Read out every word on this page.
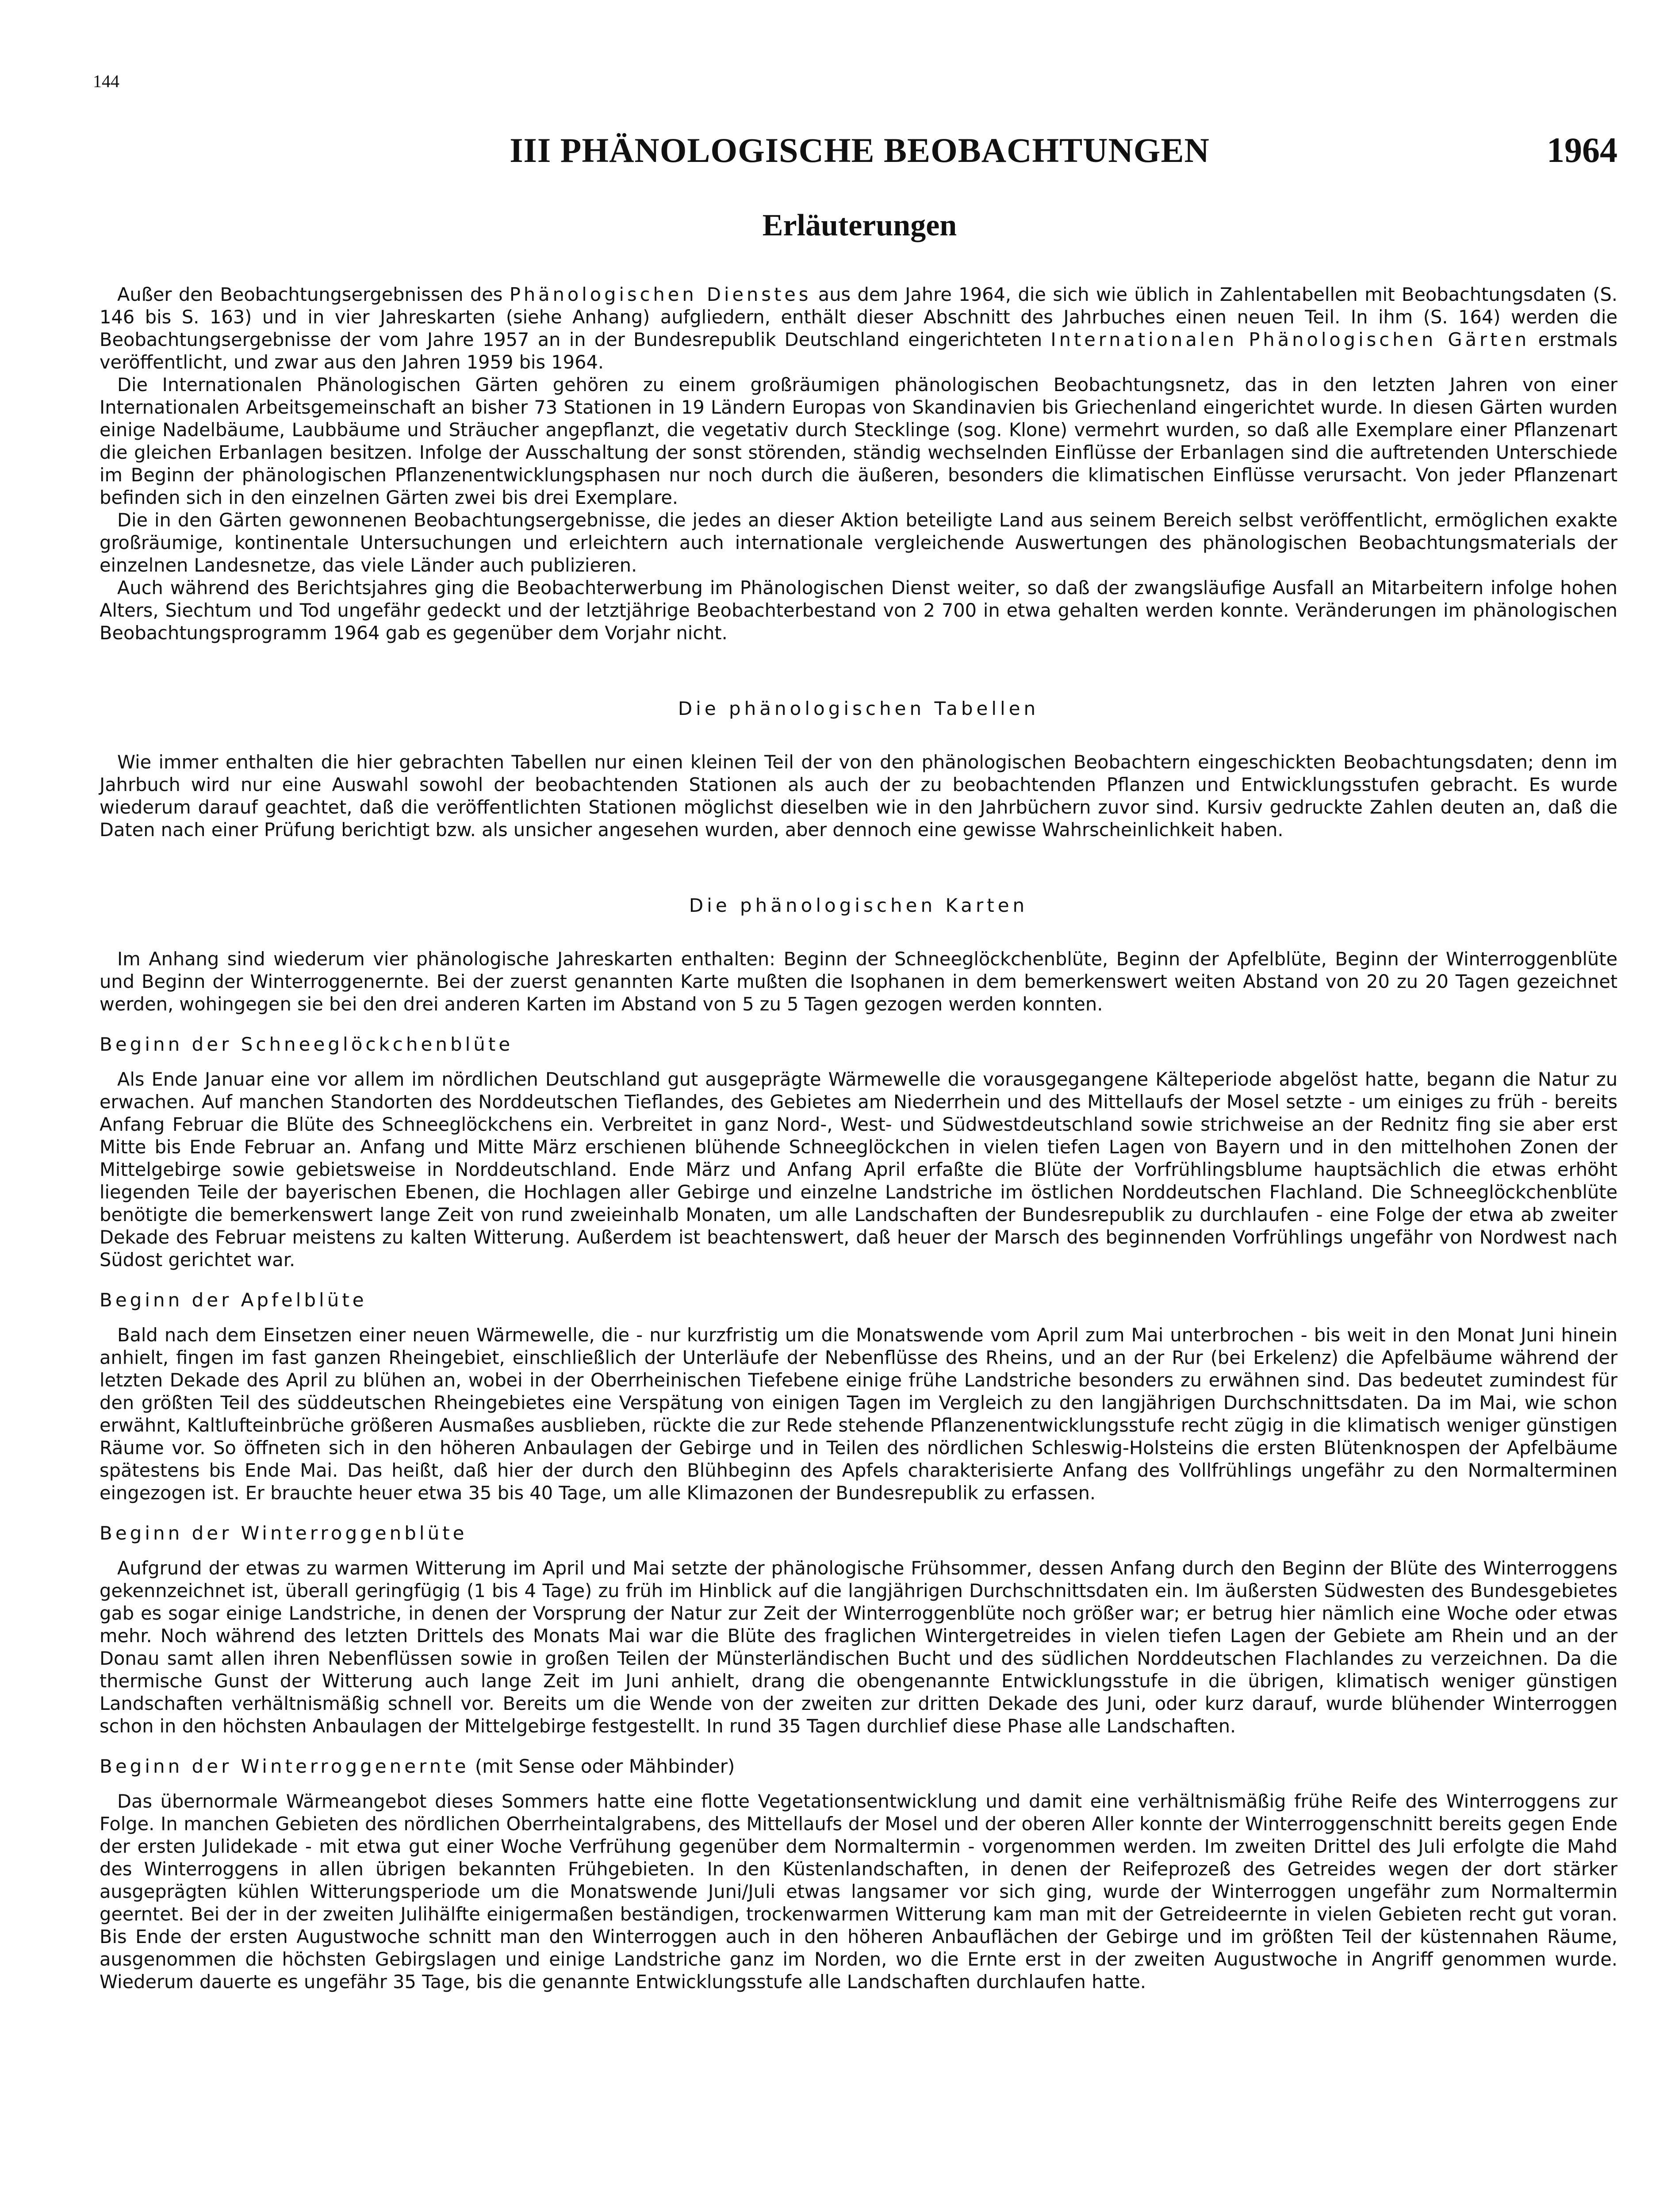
144
III PHÄNOLOGISCHE BEOBACHTUNGEN	1964
Erläuterungen

Außer den Beobachtungsergebnissen des Phänologischen Dienstes aus dem Jahre 1964, die sich wie üblich in Zahlentabellen mit Beobachtungsdaten (S. 146 bis S. 163) und in vier Jahreskarten (siehe Anhang) aufgliedern, enthält dieser Abschnitt des Jahrbuches einen neuen Teil. In ihm (S. 164) werden die Beobachtungsergebnisse der vom Jahre 1957 an in der Bundesrepublik Deutschland eingerichteten Internationalen Phänologischen Gärten erstmals veröffentlicht, und zwar aus den Jahren 1959 bis 1964.

Die Internationalen Phänologischen Gärten gehören zu einem großräumigen phänologischen Beobachtungsnetz, das in den letzten Jahren von einer Internationalen Arbeitsgemeinschaft an bisher 73 Stationen in 19 Ländern Europas von Skandinavien bis Griechenland eingerichtet wurde. In diesen Gärten wurden einige Nadelbäume, Laubbäume und Sträucher angepflanzt, die vegetativ durch Stecklinge (sog. Klone) vermehrt wurden, so daß alle Exemplare einer Pflanzenart die gleichen Erbanlagen besitzen. Infolge der Ausschaltung der sonst störenden, ständig wechselnden Einflüsse der Erbanlagen sind die auftretenden Unterschiede im Beginn der phänologischen Pflanzenentwicklungsphasen nur noch durch die äußeren, besonders die klimatischen Einflüsse verursacht. Von jeder Pflanzenart befinden sich in den einzelnen Gärten zwei bis drei Exemplare.

Die in den Gärten gewonnenen Beobachtungsergebnisse, die jedes an dieser Aktion beteiligte Land aus seinem Bereich selbst veröffentlicht, ermöglichen exakte großräumige, kontinentale Untersuchungen und erleichtern auch internationale vergleichende Auswertungen des phänologischen Beobachtungsmaterials der einzelnen Landesnetze, das viele Länder auch publizieren.

Auch während des Berichtsjahres ging die Beobachterwerbung im Phänologischen Dienst weiter, so daß der zwangsläufige Ausfall an Mitarbeitern infolge hohen Alters, Siechtum und Tod ungefähr gedeckt und der letztjährige Beobachterbestand von 2 700 in etwa gehalten werden konnte. Veränderungen im phänologischen Beobachtungsprogramm 1964 gab es gegenüber dem Vorjahr nicht.

Die phänologischen Tabellen

Wie immer enthalten die hier gebrachten Tabellen nur einen kleinen Teil der von den phänologischen Beobachtern eingeschickten Beobachtungsdaten; denn im Jahrbuch wird nur eine Auswahl sowohl der beobachtenden Stationen als auch der zu beobachtenden Pflanzen und Entwicklungsstufen gebracht. Es wurde wiederum darauf geachtet, daß die veröffentlichten Stationen möglichst dieselben wie in den Jahrbüchern zuvor sind. Kursiv gedruckte Zahlen deuten an, daß die Daten nach einer Prüfung berichtigt bzw. als unsicher angesehen wurden, aber dennoch eine gewisse Wahrscheinlichkeit haben.

Die phänologischen Karten

Im Anhang sind wiederum vier phänologische Jahreskarten enthalten: Beginn der Schneeglöckchenblüte, Beginn der Apfelblüte, Beginn der Winterroggenblüte und Beginn der Winterroggenernte. Bei der zuerst genannten Karte mußten die Isophanen in dem bemerkenswert weiten Abstand von 20 zu 20 Tagen gezeichnet werden, wohingegen sie bei den drei anderen Karten im Abstand von 5 zu 5 Tagen gezogen werden konnten.

Beginn der Schneeglöckchenblüte

Als Ende Januar eine vor allem im nördlichen Deutschland gut ausgeprägte Wärmewelle die vorausgegangene Kälteperiode abgelöst hatte, begann die Natur zu erwachen. Auf manchen Standorten des Norddeutschen Tieflandes, des Gebietes am Niederrhein und des Mittellaufs der Mosel setzte - um einiges zu früh - bereits Anfang Februar die Blüte des Schneeglöckchens ein. Verbreitet in ganz Nord-, West- und Südwestdeutschland sowie strichweise an der Rednitz fing sie aber erst Mitte bis Ende Februar an. Anfang und Mitte März erschienen blühende Schneeglöckchen in vielen tiefen Lagen von Bayern und in den mittelhohen Zonen der Mittelgebirge sowie gebietsweise in Norddeutschland. Ende März und Anfang April erfaßte die Blüte der Vorfrühlingsblume hauptsächlich die etwas erhöht liegenden Teile der bayerischen Ebenen, die Hochlagen aller Gebirge und einzelne Landstriche im östlichen Norddeutschen Flachland. Die Schneeglöckchenblüte benötigte die bemerkenswert lange Zeit von rund zweieinhalb Monaten, um alle Landschaften der Bundesrepublik zu durchlaufen - eine Folge der etwa ab zweiter Dekade des Februar meistens zu kalten Witterung. Außerdem ist beachtenswert, daß heuer der Marsch des beginnenden Vorfrühlings ungefähr von Nordwest nach Südost gerichtet war.

Beginn der Apfelblüte

Bald nach dem Einsetzen einer neuen Wärmewelle, die - nur kurzfristig um die Monatswende vom April zum Mai unterbrochen - bis weit in den Monat Juni hinein anhielt, fingen im fast ganzen Rheingebiet, einschließlich der Unterläufe der Nebenflüsse des Rheins, und an der Rur (bei Erkelenz) die Apfelbäume während der letzten Dekade des April zu blühen an, wobei in der Oberrheinischen Tiefebene einige frühe Landstriche besonders zu erwähnen sind. Das bedeutet zumindest für den größten Teil des süddeutschen Rheingebietes eine Verspätung von einigen Tagen im Vergleich zu den langjährigen Durchschnittsdaten. Da im Mai, wie schon erwähnt, Kaltlufteinbrüche größeren Ausmaßes ausblieben, rückte die zur Rede stehende Pflanzenentwicklungsstufe recht zügig in die klimatisch weniger günstigen Räume vor. So öffneten sich in den höheren Anbaulagen der Gebirge und in Teilen des nördlichen Schleswig-Holsteins die ersten Blütenknospen der Apfelbäume spätestens bis Ende Mai. Das heißt, daß hier der durch den Blühbeginn des Apfels charakterisierte Anfang des Vollfrühlings ungefähr zu den Normalterminen eingezogen ist. Er brauchte heuer etwa 35 bis 40 Tage, um alle Klimazonen der Bundesrepublik zu erfassen.

Beginn der Winterroggenblüte

Aufgrund der etwas zu warmen Witterung im April und Mai setzte der phänologische Frühsommer, dessen Anfang durch den Beginn der Blüte des Winterroggens gekennzeichnet ist, überall geringfügig (1 bis 4 Tage) zu früh im Hinblick auf die langjährigen Durchschnittsdaten ein. Im äußersten Südwesten des Bundesgebietes gab es sogar einige Landstriche, in denen der Vorsprung der Natur zur Zeit der Winterroggenblüte noch größer war; er betrug hier nämlich eine Woche oder etwas mehr. Noch während des letzten Drittels des Monats Mai war die Blüte des fraglichen Wintergetreides in vielen tiefen Lagen der Gebiete am Rhein und an der Donau samt allen ihren Nebenflüssen sowie in großen Teilen der Münsterländischen Bucht und des südlichen Norddeutschen Flachlandes zu verzeichnen. Da die thermische Gunst der Witterung auch lange Zeit im Juni anhielt, drang die obengenannte Entwicklungsstufe in die übrigen, klimatisch weniger günstigen Landschaften verhältnismäßig schnell vor. Bereits um die Wende von der zweiten zur dritten Dekade des Juni, oder kurz darauf, wurde blühender Winterroggen schon in den höchsten Anbaulagen der Mittelgebirge festgestellt. In rund 35 Tagen durchlief diese Phase alle Landschaften.

Beginn der Winterroggenernte (mit Sense oder Mähbinder)

Das übernormale Wärmeangebot dieses Sommers hatte eine flotte Vegetationsentwicklung und damit eine verhältnismäßig frühe Reife des Winterroggens zur Folge. In manchen Gebieten des nördlichen Oberrheintalgrabens, des Mittellaufs der Mosel und der oberen Aller konnte der Winterroggenschnitt bereits gegen Ende der ersten Julidekade - mit etwa gut einer Woche Verfrühung gegenüber dem Normaltermin - vorgenommen werden. Im zweiten Drittel des Juli erfolgte die Mahd des Winterroggens in allen übrigen bekannten Frühgebieten. In den Küstenlandschaften, in denen der Reifeprozeß des Getreides wegen der dort stärker ausgeprägten kühlen Witterungsperiode um die Monatswende Juni/Juli etwas langsamer vor sich ging, wurde der Winterroggen ungefähr zum Normaltermin geerntet. Bei der in der zweiten Julihälfte einigermaßen beständigen, trockenwarmen Witterung kam man mit der Getreideernte in vielen Gebieten recht gut voran. Bis Ende der ersten Augustwoche schnitt man den Winterroggen auch in den höheren Anbauflächen der Gebirge und im größten Teil der küstennahen Räume, ausgenommen die höchsten Gebirgslagen und einige Landstriche ganz im Norden, wo die Ernte erst in der zweiten Augustwoche in Angriff genommen wurde. Wiederum dauerte es ungefähr 35 Tage, bis die genannte Entwicklungsstufe alle Landschaften durchlaufen hatte.
